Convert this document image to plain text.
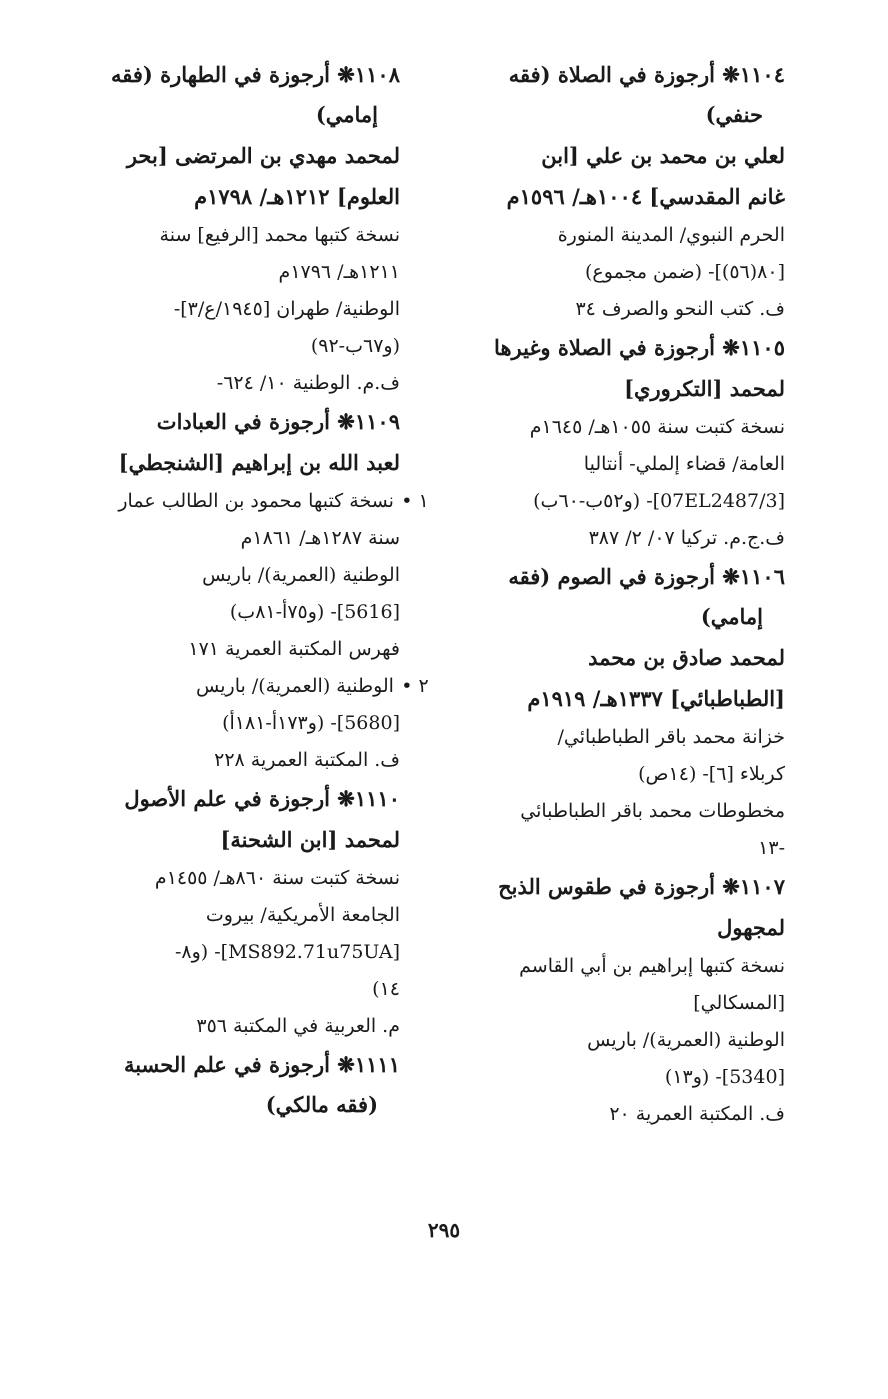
١١٠٤❋ أرجوزة في الصلاة (فقه
حنفي)

لعلي بن محمد بن علي [ابن

غانم المقدسي] ١٠٠٤هـ/ ١٥٩٦م

الحرم النبوي/ المدينة المنورة

[٨٠(٥٦)]- (ضمن مجموع)

ف. كتب النحو والصرف ٣٤

١١٠٥❋ أرجوزة في الصلاة وغيرها

لمحمد [التكروري]

نسخة كتبت سنة ١٠٥٥هـ/ ١٦٤٥م

العامة/ قضاء إلملي- أنتاليا

[07EL2487/3]- (و٥٢ب-٦٠ب)

ف.ج.م. تركيا ٠٧/ ٢/ ٣٨٧

١١٠٦❋ أرجوزة في الصوم (فقه
إمامي)

لمحمد صادق بن محمد

[الطباطبائي] ١٣٣٧هـ/ ١٩١٩م

خزانة محمد باقر الطباطبائي/

كربلاء [٦]- (١٤ص)

مخطوطات محمد باقر الطباطبائي

-١٣

١١٠٧❋ أرجوزة في طقوس الذبح

لمجهول

نسخة كتبها إبراهيم بن أبي القاسم

[المسكالي]

الوطنية (العمرية)/ باريس

[5340]- (و١٣)

ف. المكتبة العمرية ٢٠

١١٠٨❋ أرجوزة في الطهارة (فقه
إمامي)

لمحمد مهدي بن المرتضى [بحر

العلوم] ١٢١٢هـ/ ١٧٩٨م

نسخة كتبها محمد [الرفيع] سنة

١٢١١هـ/ ١٧٩٦م

الوطنية/ طهران [١٩٤٥/ع/٣]-

(و٦٧ب-٩٢)

ف.م. الوطنية ١٠/ ٦٢٤-

١١٠٩❋ أرجوزة في العبادات

لعبد الله بن إبراهيم [الشنجطي]

١ • نسخة كتبها محمود بن الطالب عمار

سنة ١٢٨٧هـ/ ١٨٦١م

الوطنية (العمرية)/ باريس

[5616]- (و٧٥أ-٨١ب)

فهرس المكتبة العمرية ١٧١

٢ • الوطنية (العمرية)/ باريس

[5680]- (و١٧٣أ-١٨١أ)

ف. المكتبة العمرية ٢٢٨

١١١٠❋ أرجوزة في علم الأصول

لمحمد [ابن الشحنة]

نسخة كتبت سنة ٨٦٠هـ/ ١٤٥٥م

الجامعة الأمريكية/ بيروت

[MS892.71u75UA]- (و٨-

١٤)

م. العربية في المكتبة ٣٥٦

١١١١❋ أرجوزة في علم الحسبة
(فقه مالكي)

٢٩٥
